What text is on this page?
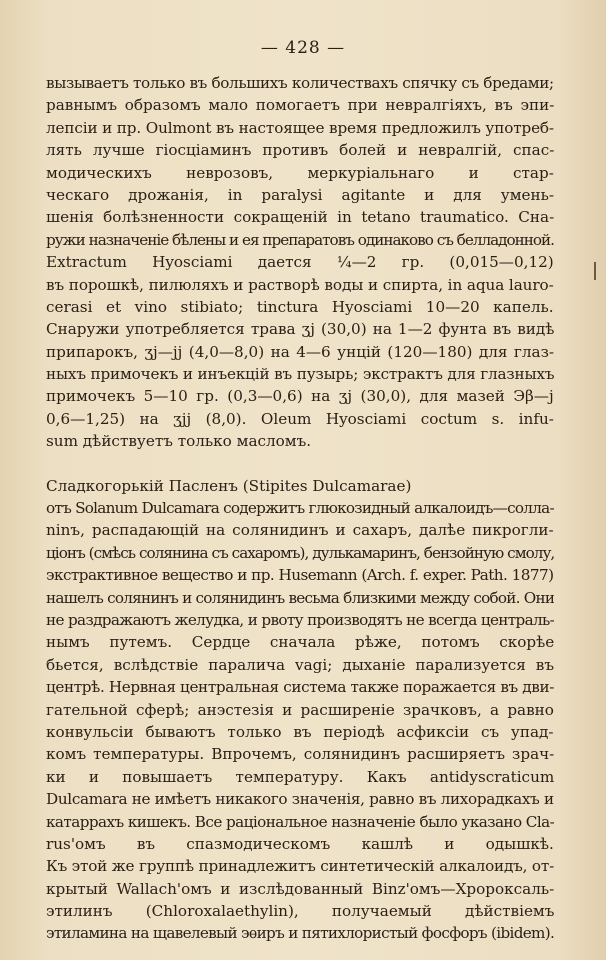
— 428 —

вызываетъ только въ большихъ количествахъ спячку съ бредами;
равнымъ образомъ мало помогаетъ при невралгіяхъ, въ эпи-
лепсіи и пр. Oulmont въ настоящее время предложилъ употреб-
лять лучше гіосціаминъ противъ болей и невралгій, спас-
модическихъ неврозовъ, меркуріальнаго и стар-
ческаго дрожанія, in paralysi agitante и для умень-
шенія болѣзненности сокращеній in tetano traumatico. Сна-
ружи назначеніе бѣлены и ея препаратовъ одинаково съ белладонной.

Extractum Hyosciami дается ¼—2 гр. (0,015—0,12)
въ порошкѣ, пилюляхъ и растворѣ воды и спирта, in aqua lauro-
cerasi et vino stibiato; tinctura Hyosciami 10—20 капель.
Снаружи употребляется трава ʒj (30,0) на 1—2 фунта въ видѣ
припарокъ, ʒj—jj (4,0—8,0) на 4—6 унцій (120—180) для глаз-
ныхъ примочекъ и инъекцій въ пузырь; экстрактъ для глазныхъ
примочекъ 5—10 гр. (0,3—0,6) на ʒj (30,0), для мазей Эβ—j
0,6—1,25) на ʒjj (8,0). Oleum Hyosciami coctum s. infu-
sum дѣйствуетъ только масломъ.

Сладкогорькій Пасленъ (Stipites Dulcamarae)
отъ Solanum Dulcamara содержитъ глюкозидный алкалоидъ—солла-
ninъ, распадающій на солянидинъ и сахаръ, далѣе пикрогли-
ціонъ (смѣсь солянина съ сахаромъ), дулькамаринъ, бензойную смолу,
экстрактивное вещество и пр. Husemann (Arch. f. exper. Path. 1877)
нашелъ солянинъ и солянидинъ весьма близкими между собой. Они
не раздражаютъ желудка, и рвоту производятъ не всегда централь-
нымъ путемъ. Сердце сначала рѣже, потомъ скорѣе
бьется, вслѣдствіе паралича vagi; дыханіе парализуется въ
центрѣ. Нервная центральная система также поражается въ дви-
гательной сферѣ; анэстезія и расширеніе зрачковъ, а равно
конвульсіи бываютъ только въ періодѣ асфиксіи съ упад-
комъ температуры. Впрочемъ, солянидинъ расширяетъ зрач-
ки и повышаетъ температуру. Какъ antidyscraticum
Dulcamara не имѣетъ никакого значенія, равно въ лихорадкахъ и
катаррахъ кишекъ. Все раціональное назначеніе было указано Cla-
rus'омъ въ спазмодическомъ кашлѣ и одышкѣ.

Къ этой же группѣ принадлежитъ синтетическій алкалоидъ, от-
крытый Wallach'омъ и изслѣдованный Binz'омъ—Хророксаль-
этилинъ (Chloroxalaethylin), получаемый дѣйствіемъ
этиламина на щавелевый эѳиръ и пятихлористый фосфоръ (ibidem).
